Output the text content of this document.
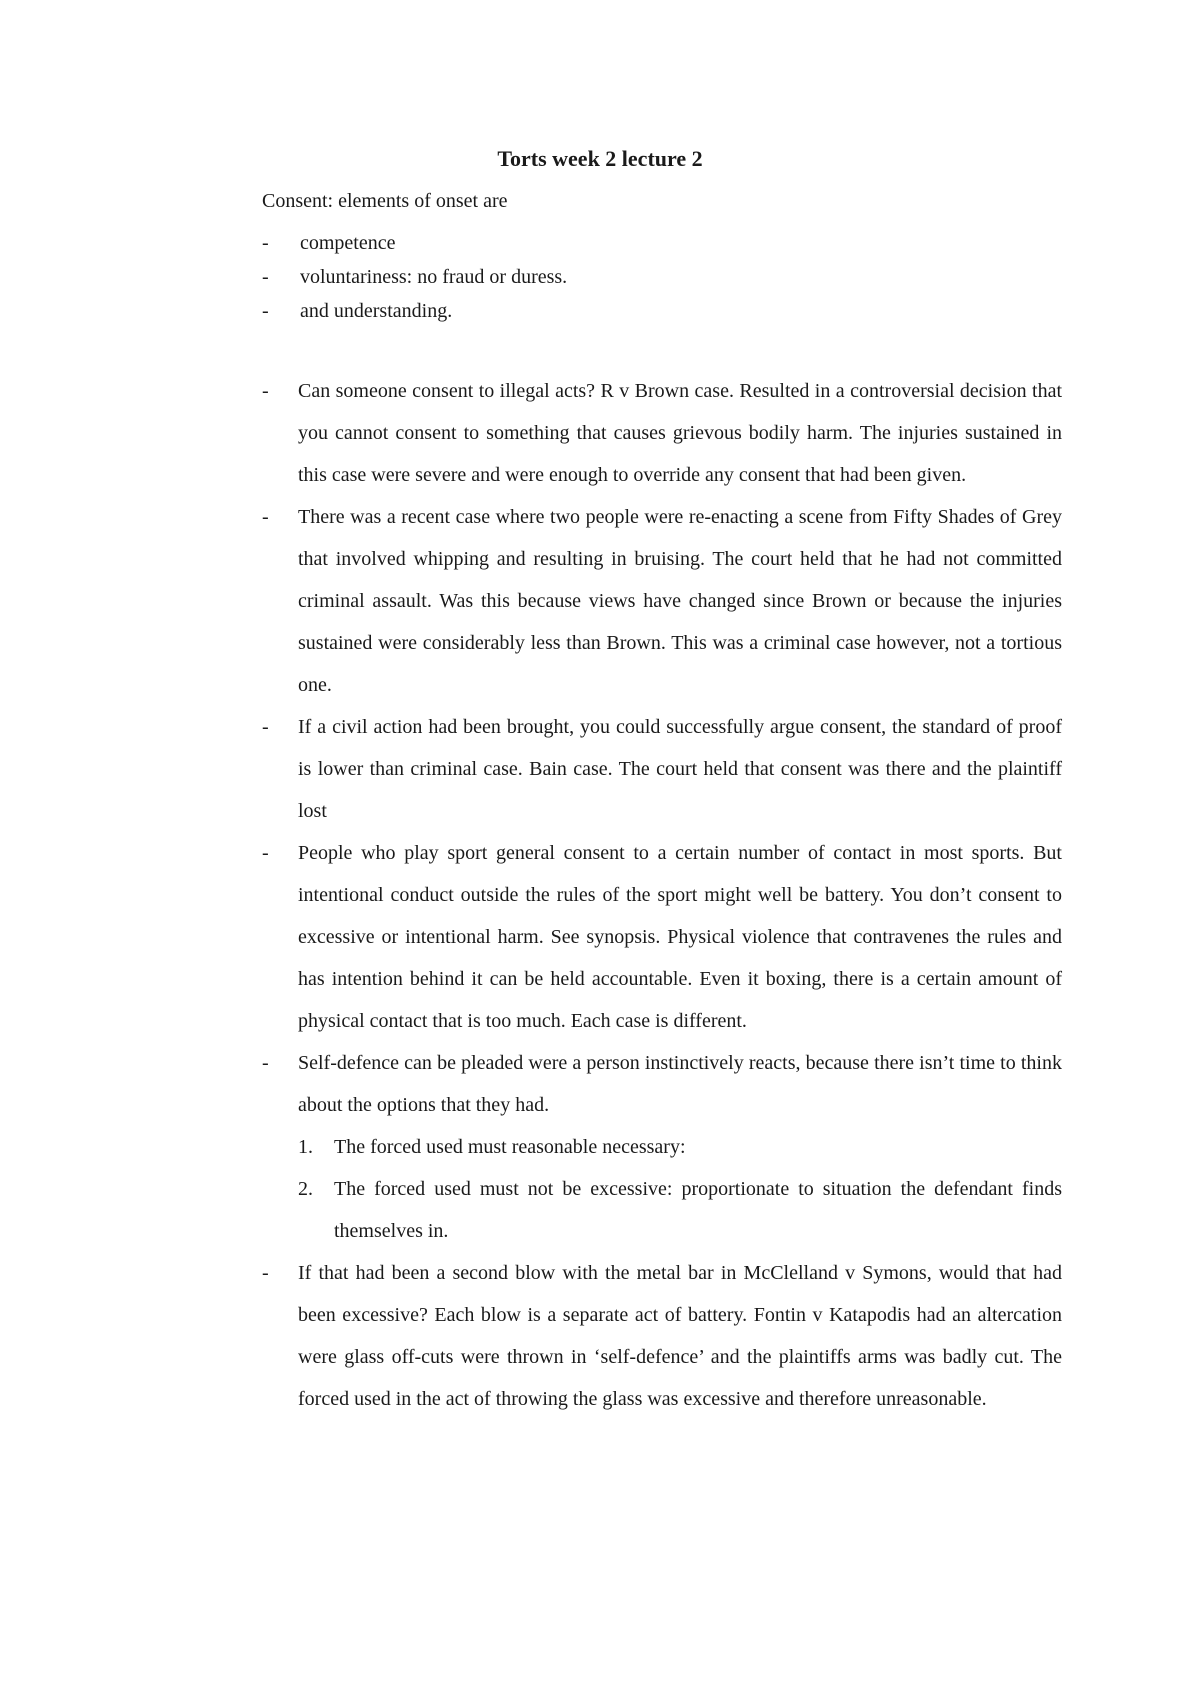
Torts week 2 lecture 2
Consent: elements of onset are
- competence
- voluntariness: no fraud or duress.
- and understanding.
- Can someone consent to illegal acts? R v Brown case. Resulted in a controversial decision that you cannot consent to something that causes grievous bodily harm. The injuries sustained in this case were severe and were enough to override any consent that had been given.
- There was a recent case where two people were re-enacting a scene from Fifty Shades of Grey that involved whipping and resulting in bruising. The court held that he had not committed criminal assault. Was this because views have changed since Brown or because the injuries sustained were considerably less than Brown. This was a criminal case however, not a tortious one.
- If a civil action had been brought, you could successfully argue consent, the standard of proof is lower than criminal case. Bain case. The court held that consent was there and the plaintiff lost
- People who play sport general consent to a certain number of contact in most sports. But intentional conduct outside the rules of the sport might well be battery. You don’t consent to excessive or intentional harm. See synopsis. Physical violence that contravenes the rules and has intention behind it can be held accountable. Even it boxing, there is a certain amount of physical contact that is too much. Each case is different.
- Self-defence can be pleaded were a person instinctively reacts, because there isn’t time to think about the options that they had.
1. The forced used must reasonable necessary:
2. The forced used must not be excessive: proportionate to situation the defendant finds themselves in.
- If that had been a second blow with the metal bar in McClelland v Symons, would that had been excessive? Each blow is a separate act of battery. Fontin v Katapodis had an altercation were glass off-cuts were thrown in ‘self-defence’ and the plaintiffs arms was badly cut. The forced used in the act of throwing the glass was excessive and therefore unreasonable.
